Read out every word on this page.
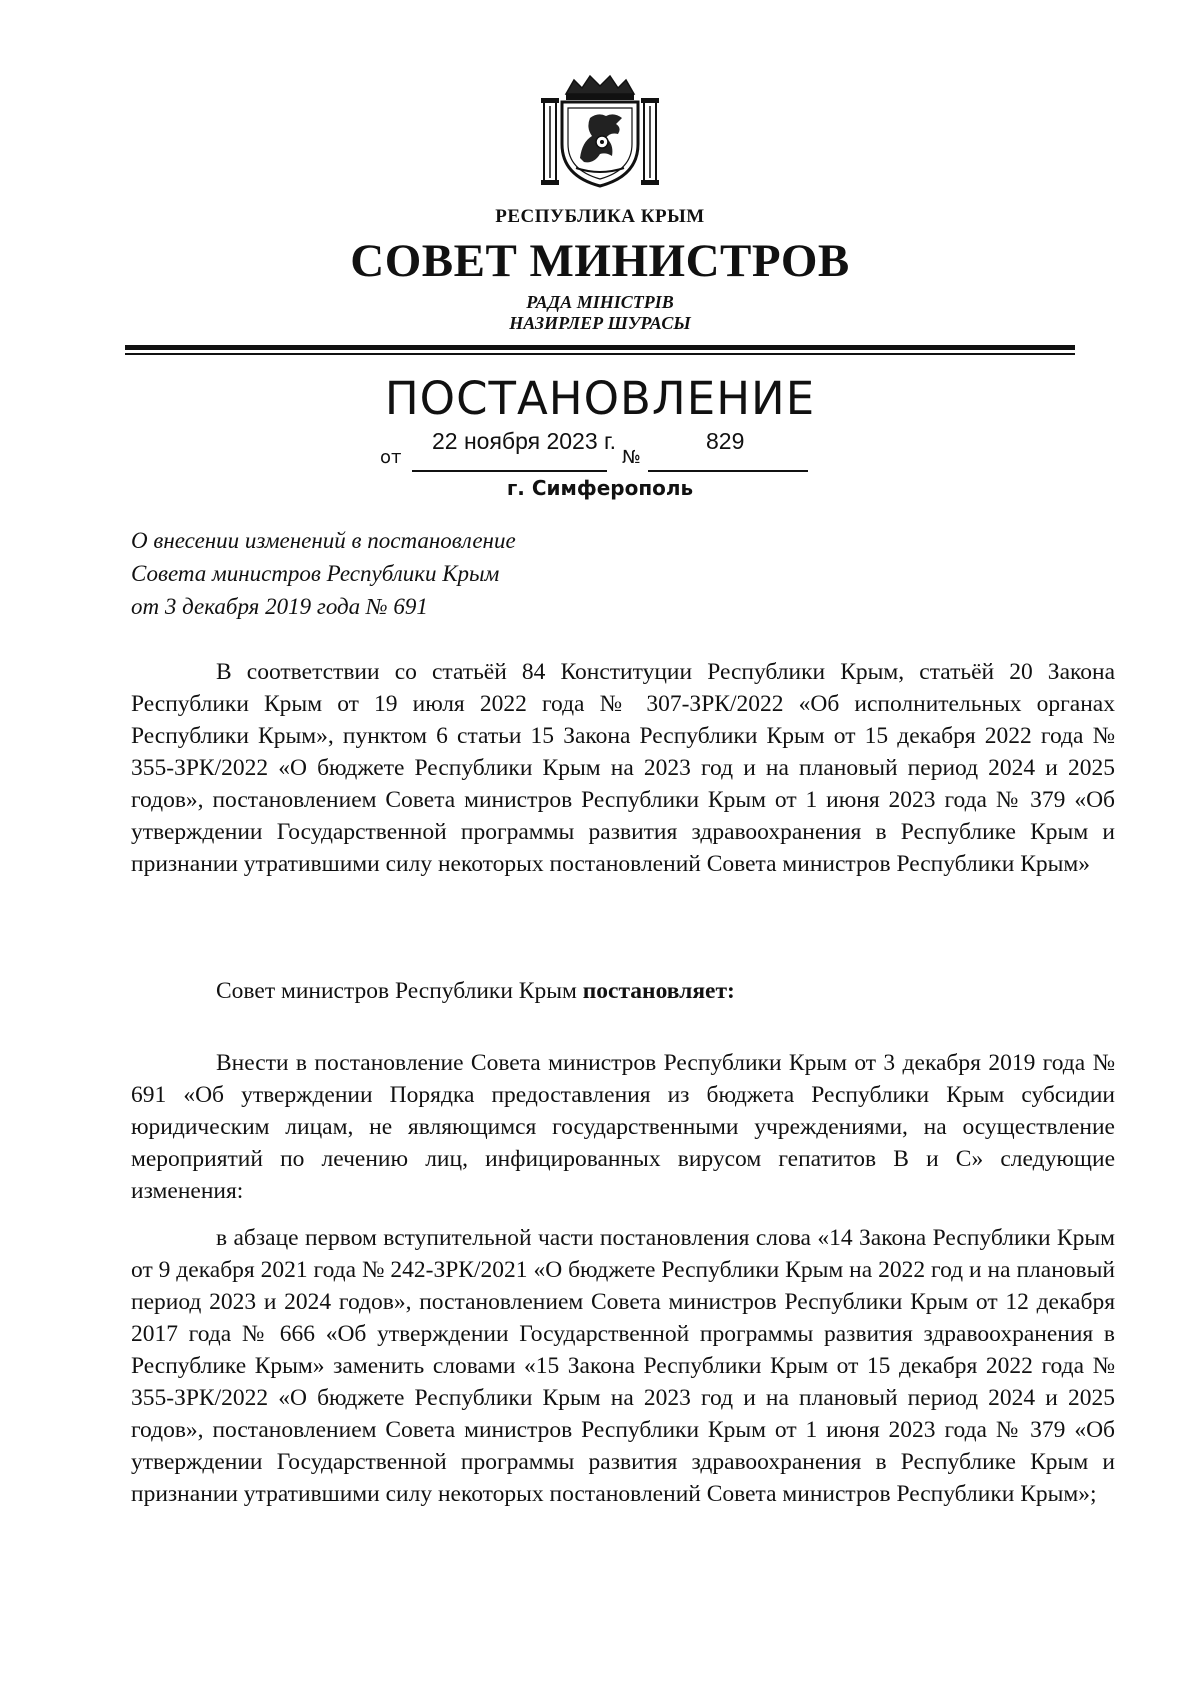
РЕСПУБЛИКА КРЫМ
СОВЕТ МИНИСТРОВ
РАДА МІНІСТРІВ
НАЗИРЛЕР ШУРАСЫ
ПОСТАНОВЛЕНИЕ
от	№
22 ноября 2023 г.	829
г. Симферополь
О внесении изменений в постановление
Совета министров Республики Крым
от 3 декабря 2019 года № 691
В соответствии со статьёй 84 Конституции Республики Крым, статьёй 20 Закона Республики Крым от 19 июля 2022 года № 307-ЗРК/2022 «Об исполнительных органах Республики Крым», пунктом 6 статьи 15 Закона Республики Крым от 15 декабря 2022 года № 355-ЗРК/2022 «О бюджете Республики Крым на 2023 год и на плановый период 2024 и 2025 годов», постановлением Совета министров Республики Крым от 1 июня 2023 года № 379 «Об утверждении Государственной программы развития здравоохранения в Республике Крым и признании утратившими силу некоторых постановлений Совета министров Республики Крым»
Совет министров Республики Крым постановляет:
Внести в постановление Совета министров Республики Крым от 3 декабря 2019 года № 691 «Об утверждении Порядка предоставления из бюджета Республики Крым субсидии юридическим лицам, не являющимся государственными учреждениями, на осуществление мероприятий по лечению лиц, инфицированных вирусом гепатитов В и С» следующие изменения:
в абзаце первом вступительной части постановления слова «14 Закона Республики Крым от 9 декабря 2021 года № 242-ЗРК/2021 «О бюджете Республики Крым на 2022 год и на плановый период 2023 и 2024 годов», постановлением Совета министров Республики Крым от 12 декабря 2017 года № 666 «Об утверждении Государственной программы развития здравоохранения в Республике Крым» заменить словами «15 Закона Республики Крым от 15 декабря 2022 года № 355-ЗРК/2022 «О бюджете Республики Крым на 2023 год и на плановый период 2024 и 2025 годов», постановлением Совета министров Республики Крым от 1 июня 2023 года № 379 «Об утверждении Государственной программы развития здравоохранения в Республике Крым и признании утратившими силу некоторых постановлений Совета министров Республики Крым»;
